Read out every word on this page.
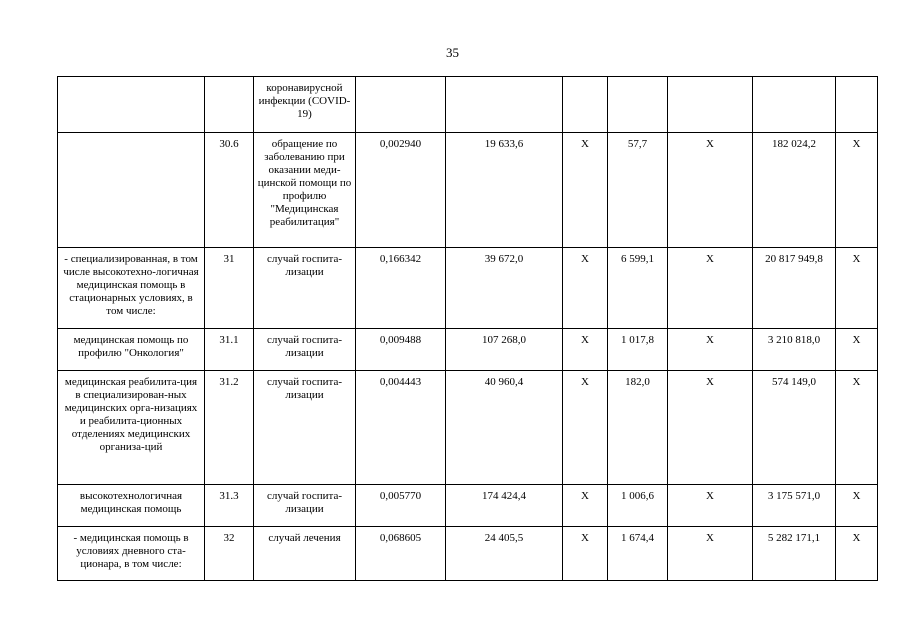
35
		коронавирусной инфекции (COVID-19)							
	30.6	обращение по заболеванию при оказании меди-цинской помощи по профилю "Медицинская реабилитация"	0,002940	19 633,6	Х	57,7	Х	182 024,2	Х
- специализированная, в том числе высокотехно-логичная медицинская помощь в стационарных условиях, в том числе:	31	случай госпита-лизации	0,166342	39 672,0	Х	6 599,1	Х	20 817 949,8	Х
медицинская помощь по профилю "Онкология"	31.1	случай госпита-лизации	0,009488	107 268,0	Х	1 017,8	Х	3 210 818,0	Х
медицинская реабилита-ция в специализирован-ных медицинских орга-низациях и реабилита-ционных отделениях медицинских организа-ций	31.2	случай госпита-лизации	0,004443	40 960,4	Х	182,0	Х	574 149,0	Х
высокотехнологичная медицинская помощь	31.3	случай госпита-лизации	0,005770	174 424,4	Х	1 006,6	Х	3 175 571,0	Х
- медицинская помощь в условиях дневного ста-ционара, в том числе:	32	случай лечения	0,068605	24 405,5	Х	1 674,4	Х	5 282 171,1	Х
